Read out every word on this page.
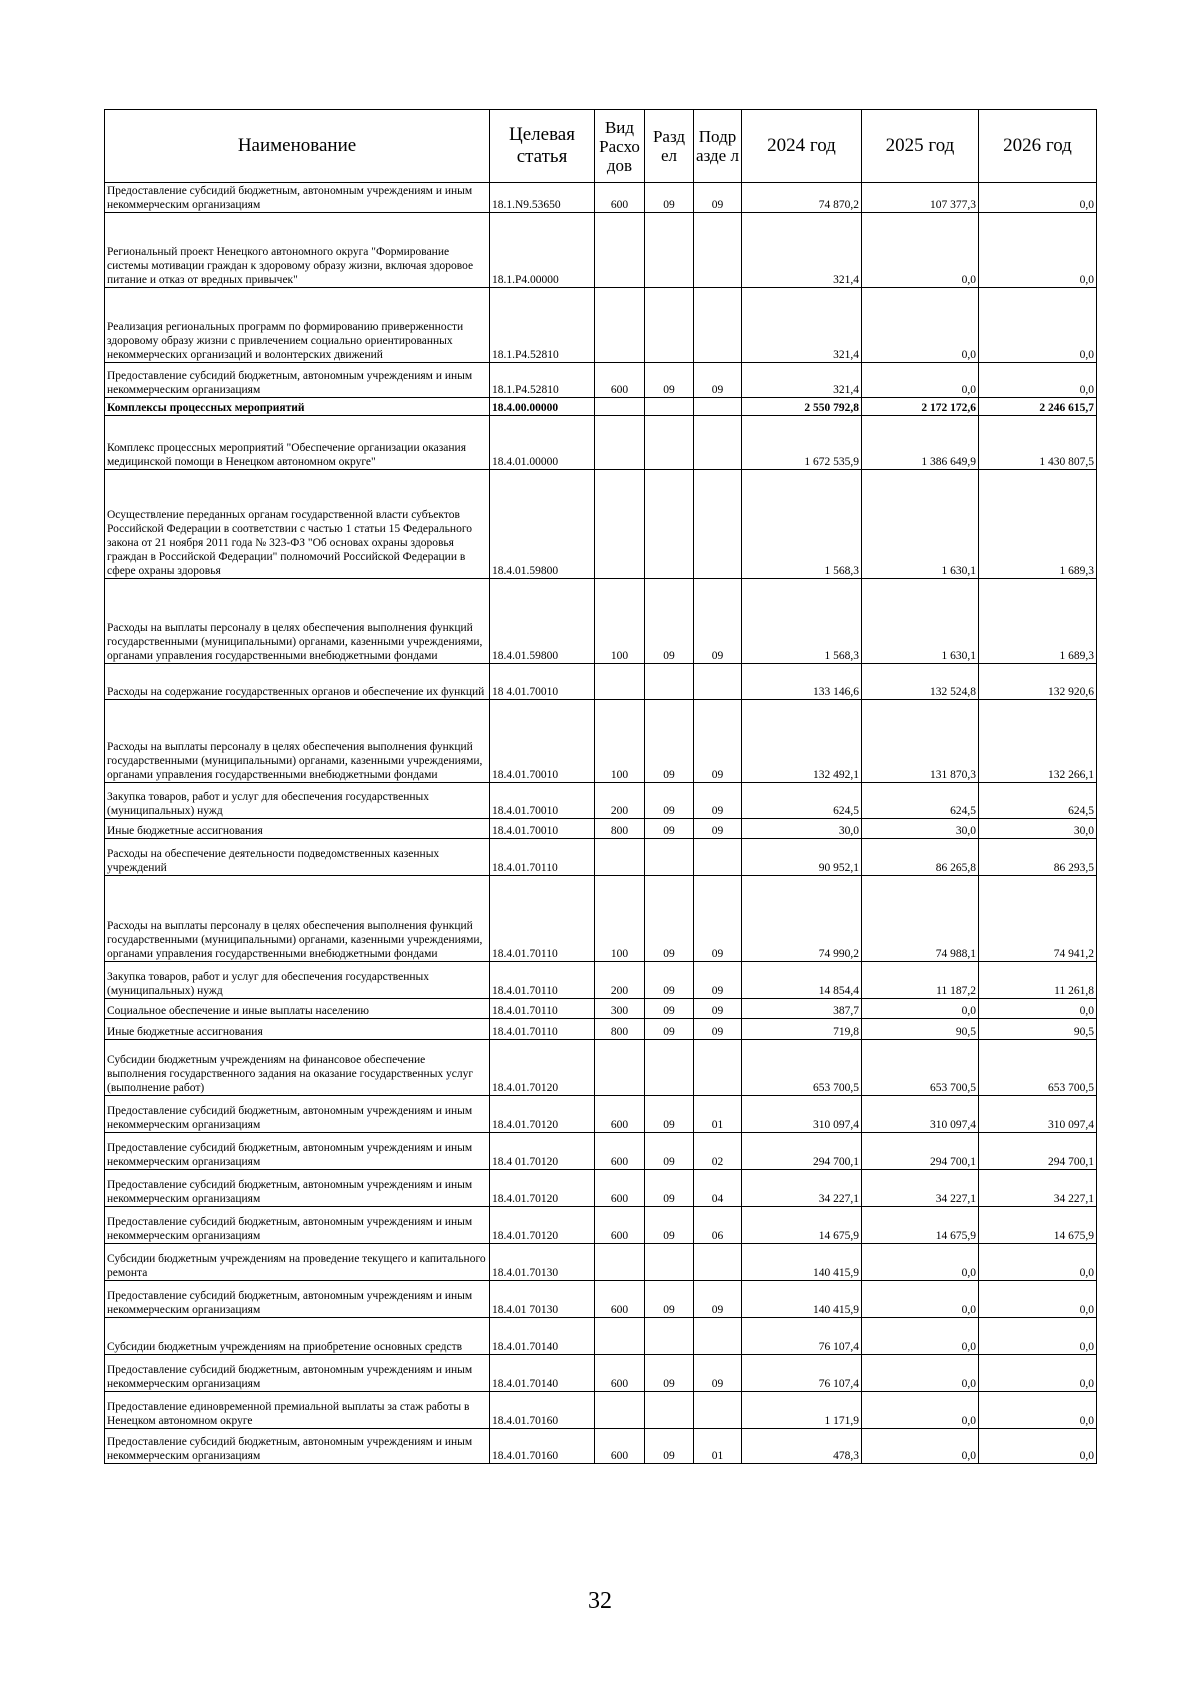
Наименование	Целевая статья	Вид Расхо дов	Разд ел	Подр азде л	2024 год	2025 год	2026 год
Предоставление субсидий бюджетным, автономным учреждениям и иным некоммерческим организациям	18.1.N9.53650	600	09	09	74 870,2	107 377,3	0,0
Региональный проект Ненецкого автономного округа "Формирование системы мотивации граждан к здоровому образу жизни, включая здоровое питание и отказ от вредных привычек"	18.1.P4.00000				321,4	0,0	0,0
Реализация региональных программ по формированию приверженности здоровому образу жизни с привлечением социально ориентированных некоммерческих организаций и волонтерских движений	18.1.P4.52810				321,4	0,0	0,0
Предоставление субсидий бюджетным, автономным учреждениям и иным некоммерческим организациям	18.1.P4.52810	600	09	09	321,4	0,0	0,0
Комплексы процессных мероприятий	18.4.00.00000				2 550 792,8	2 172 172,6	2 246 615,7
Комплекс процессных мероприятий "Обеспечение организации оказания медицинской помощи в Ненецком автономном округе"	18.4.01.00000				1 672 535,9	1 386 649,9	1 430 807,5
Осуществление переданных органам государственной власти субъектов Российской Федерации в соответствии с частью 1 статьи 15 Федерального закона от 21 ноября 2011 года № 323-ФЗ "Об основах охраны здоровья граждан в Российской Федерации" полномочий Российской Федерации в сфере охраны здоровья	18.4.01.59800				1 568,3	1 630,1	1 689,3
Расходы на выплаты персоналу в целях обеспечения выполнения функций государственными (муниципальными) органами, казенными учреждениями, органами управления государственными внебюджетными фондами	18.4.01.59800	100	09	09	1 568,3	1 630,1	1 689,3
Расходы на содержание государственных органов и обеспечение их функций	18 4.01.70010				133 146,6	132 524,8	132 920,6
Расходы на выплаты персоналу в целях обеспечения выполнения функций государственными (муниципальными) органами, казенными учреждениями, органами управления государственными внебюджетными фондами	18.4.01.70010	100	09	09	132 492,1	131 870,3	132 266,1
Закупка товаров, работ и услуг для обеспечения государственных (муниципальных) нужд	18.4.01.70010	200	09	09	624,5	624,5	624,5
Иные бюджетные ассигнования	18.4.01.70010	800	09	09	30,0	30,0	30,0
Расходы на обеспечение деятельности подведомственных казенных учреждений	18.4.01.70110				90 952,1	86 265,8	86 293,5
Расходы на выплаты персоналу в целях обеспечения выполнения функций государственными (муниципальными) органами, казенными учреждениями, органами управления государственными внебюджетными фондами	18.4.01.70110	100	09	09	74 990,2	74 988,1	74 941,2
Закупка товаров, работ и услуг для обеспечения государственных (муниципальных) нужд	18.4.01.70110	200	09	09	14 854,4	11 187,2	11 261,8
Социальное обеспечение и иные выплаты населению	18.4.01.70110	300	09	09	387,7	0,0	0,0
Иные бюджетные ассигнования	18.4.01.70110	800	09	09	719,8	90,5	90,5
Субсидии бюджетным учреждениям на финансовое обеспечение выполнения государственного задания на оказание государственных услуг (выполнение работ)	18.4.01.70120				653 700,5	653 700,5	653 700,5
Предоставление субсидий бюджетным, автономным учреждениям и иным некоммерческим организациям	18.4.01.70120	600	09	01	310 097,4	310 097,4	310 097,4
Предоставление субсидий бюджетным, автономным учреждениям и иным некоммерческим организациям	18.4 01.70120	600	09	02	294 700,1	294 700,1	294 700,1
Предоставление субсидий бюджетным, автономным учреждениям и иным некоммерческим организациям	18.4.01.70120	600	09	04	34 227,1	34 227,1	34 227,1
Предоставление субсидий бюджетным, автономным учреждениям и иным некоммерческим организациям	18.4.01.70120	600	09	06	14 675,9	14 675,9	14 675,9
Субсидии бюджетным учреждениям на проведение текущего и капитального ремонта	18.4.01.70130				140 415,9	0,0	0,0
Предоставление субсидий бюджетным, автономным учреждениям и иным некоммерческим организациям	18.4.01 70130	600	09	09	140 415,9	0,0	0,0
Субсидии бюджетным учреждениям на приобретение основных средств	18.4.01.70140				76 107,4	0,0	0,0
Предоставление субсидий бюджетным, автономным учреждениям и иным некоммерческим организациям	18.4.01.70140	600	09	09	76 107,4	0,0	0,0
Предоставление единовременной премиальной выплаты за стаж работы в Ненецком автономном округе	18.4.01.70160				1 171,9	0,0	0,0
Предоставление субсидий бюджетным, автономным учреждениям и иным некоммерческим организациям	18.4.01.70160	600	09	01	478,3	0,0	0,0
32
